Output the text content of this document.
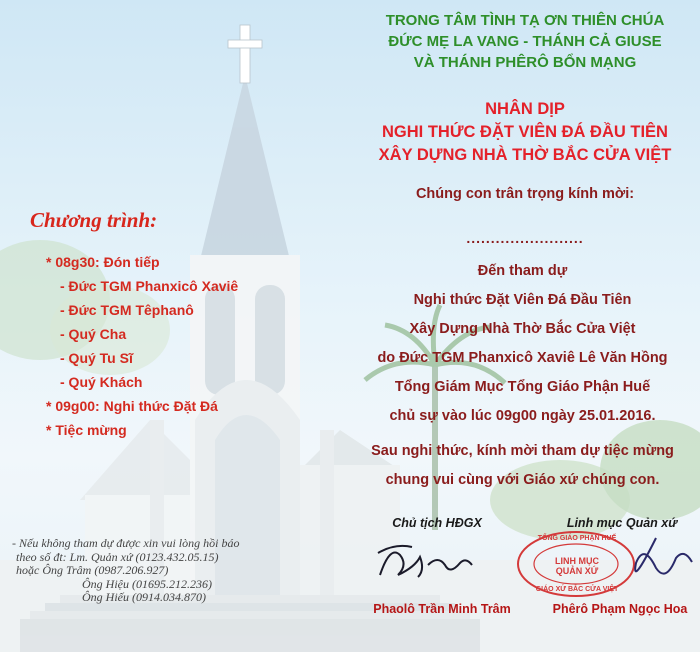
TRONG TÂM TÌNH TẠ ƠN THIÊN CHÚA
ĐỨC MẸ LA VANG - THÁNH CẢ GIUSE
VÀ THÁNH PHÊRÔ BỔN MẠNG
NHÂN DỊP
NGHI THỨC ĐẶT VIÊN ĐÁ ĐẦU TIÊN
XÂY DỰNG NHÀ THỜ BẮC CỬA VIỆT
Chúng con trân trọng kính mời:
........................
Đến tham dự
Nghi thức Đặt Viên Đá Đầu Tiên
Xây Dựng Nhà Thờ Bắc Cửa Việt
do Đức TGM Phanxicô Xaviê Lê Văn Hồng
Tổng Giám Mục Tổng Giáo Phận Huế
chủ sự vào lúc 09g00 ngày 25.01.2016.
Sau nghi thức, kính mời tham dự tiệc mừng
chung vui cùng với Giáo xứ chúng con.
Chương trình:
* 08g30: Đón tiếp
- Đức TGM Phanxicô Xaviê
- Đức TGM Têphanô
- Quý Cha
- Quý Tu Sĩ
- Quý Khách
* 09g00: Nghi thức Đặt Đá
* Tiệc mừng
- Nếu không tham dự được xin vui lòng hồi báo
theo số đt: Lm. Quản xứ (0123.432.05.15)
hoặc Ông Trâm (0987.206.927)
Ông Hiệu (01695.212.236)
Ông Hiếu (0914.034.870)
Chủ tịch HĐGX	Linh mục Quản xứ
TỔNG GIÁO PHẬN HUẾ
LINH MỤC
QUẢN XỨ
GIÁO XỨ BẮC CỬA VIỆT
Phaolô Trần Minh Trâm	Phêrô Phạm Ngọc Hoa
